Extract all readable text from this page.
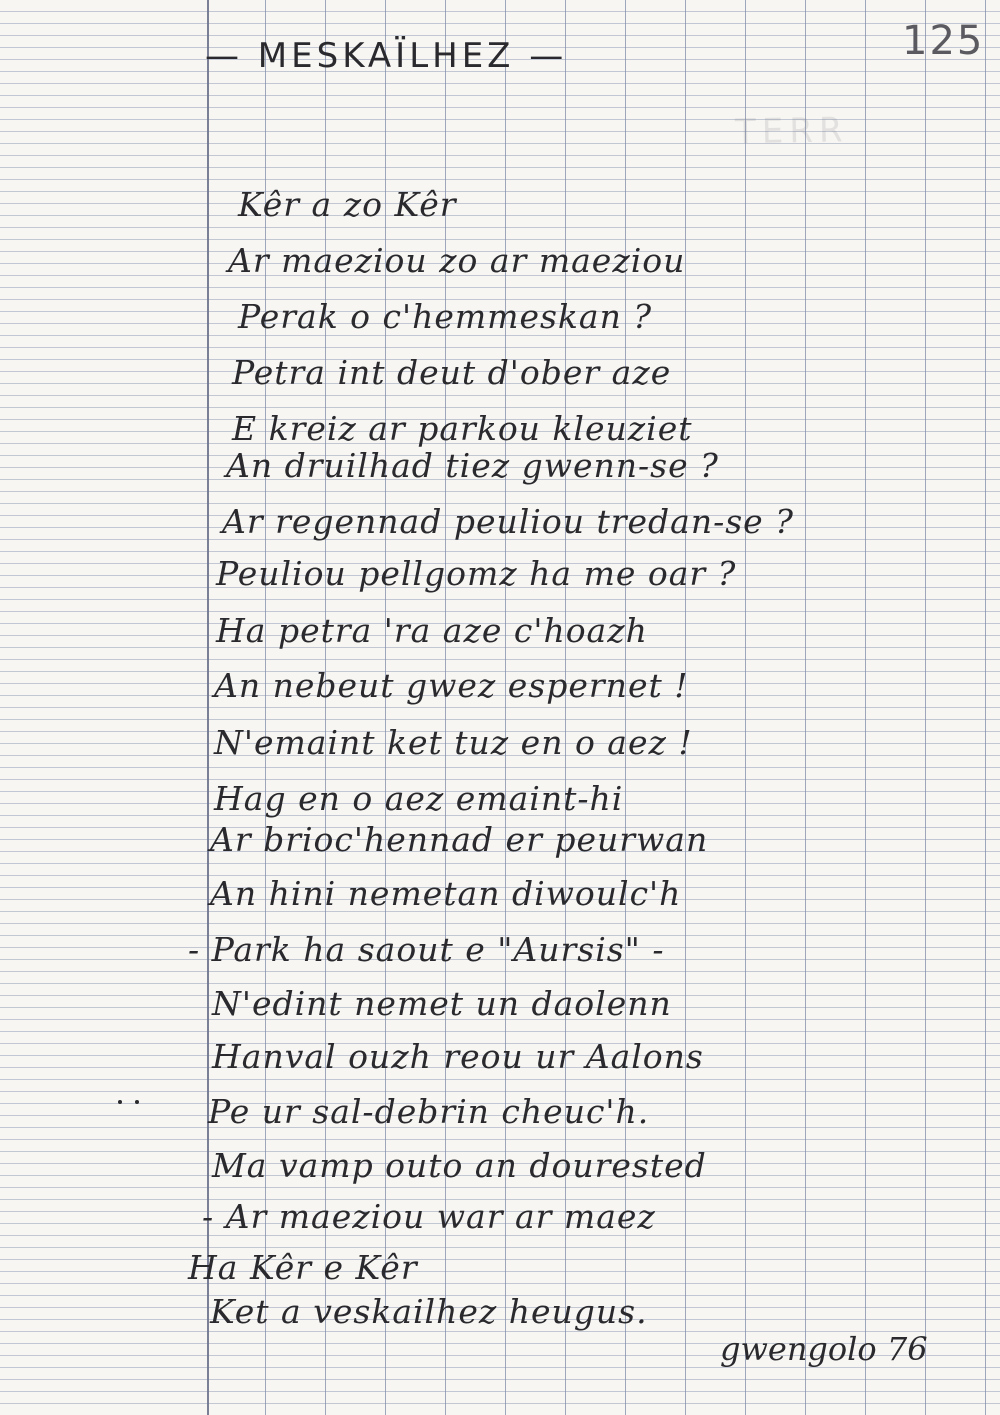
TERR
125
— MESKAÏLHEZ —
Kêr a zo Kêr
Ar maeziou zo ar maeziou
Perak o c'hemmeskan ?
Petra int deut d'ober aze
E kreiz ar parkou kleuziet
An druilhad tiez gwenn-se ?
Ar regennad peuliou tredan-se ?
Peuliou pellgomz ha me oar ?
Ha petra 'ra aze c'hoazh
An nebeut gwez espernet !
N'emaint ket tuz en o aez !
Hag en o aez emaint-hi
Ar brioc'hennad er peurwan
An hini nemetan diwoulc'h
- Park ha saout e "Aursis" -
N'edint nemet un daolenn
Hanval ouzh reou ur Aalons
Pe ur sal-debrin cheuc'h.
Ma vamp outo an dourested
- Ar maeziou war ar maez
Ha Kêr e Kêr
Ket a veskailhez heugus.
gwengolo 76
